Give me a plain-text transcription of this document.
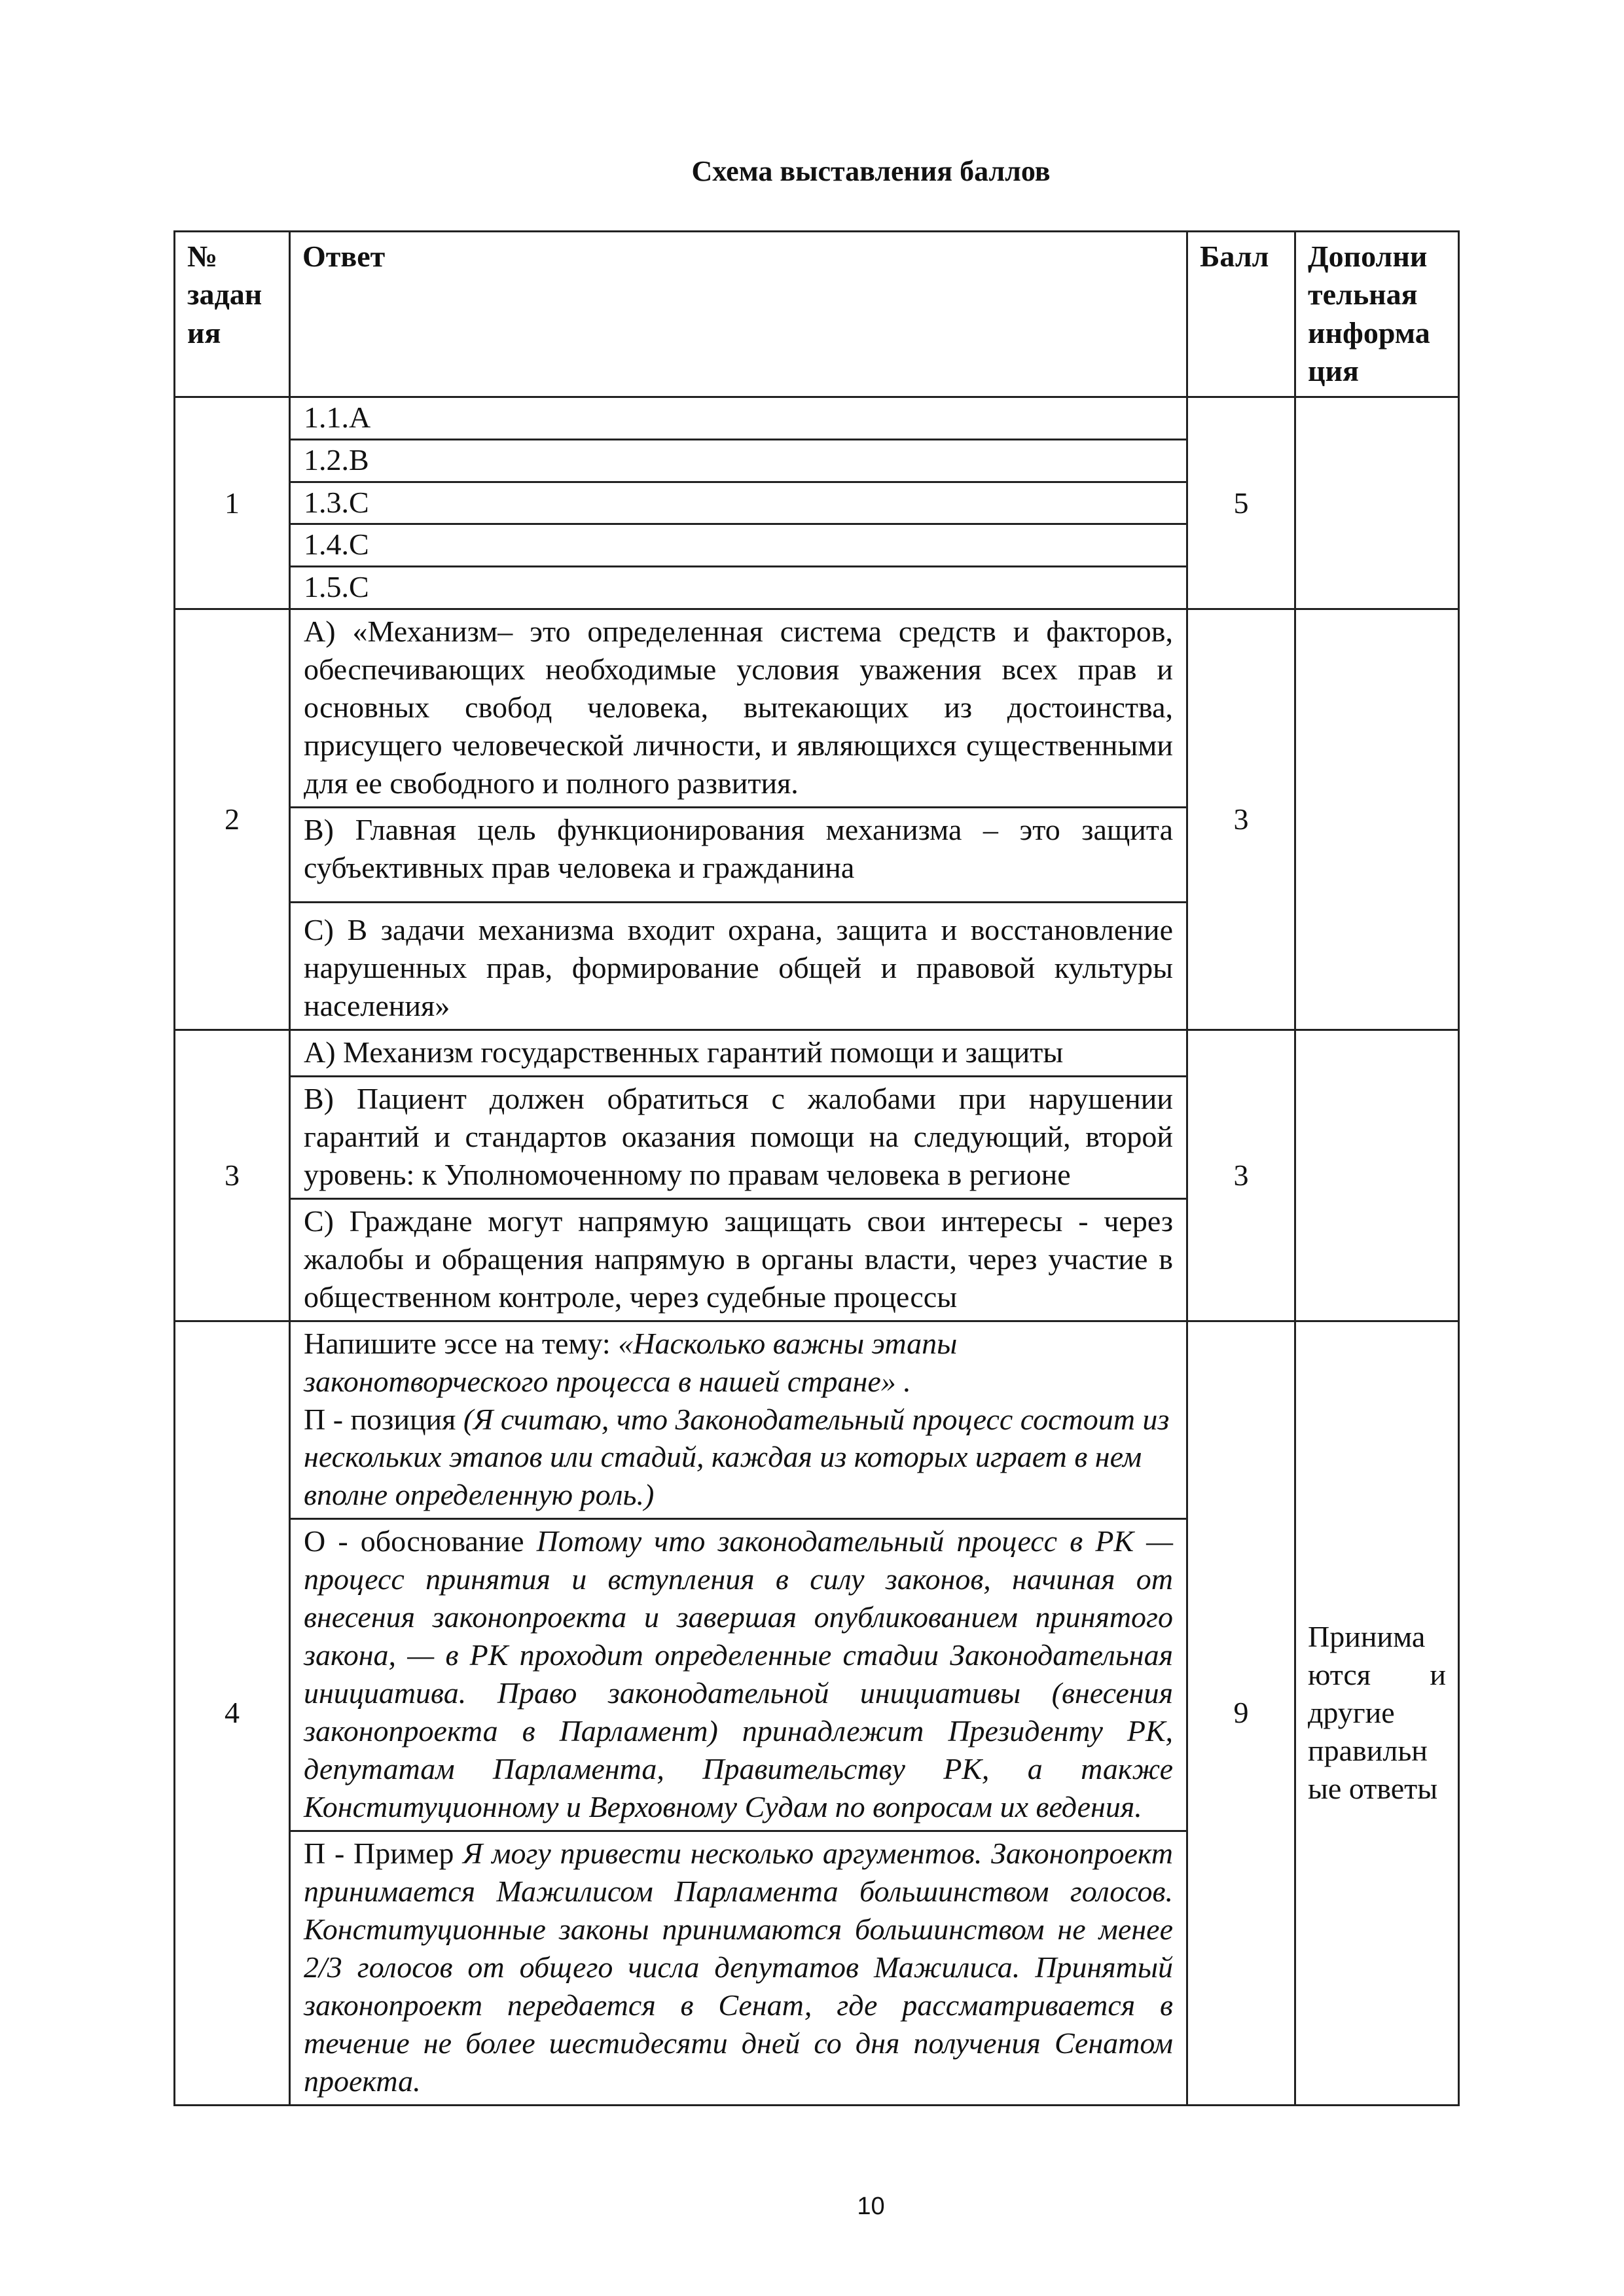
Схема выставления баллов
№ задан ия	Ответ	Балл	Дополни тельная информа ция
1	1.1.А
1.2.В
1.3.С
1.4.С
1.5.С	5	
2	А) «Механизм– это определенная система средств и факторов, обеспечивающих необходимые условия уважения всех прав и основных свобод человека, вытекающих из достоинства, присущего человеческой личности, и являющихся существенными для ее свободного и полного развития.
В) Главная цель функционирования механизма – это защита субъективных прав человека и гражданина
С) В задачи механизма входит охрана, защита и восстановление нарушенных прав, формирование общей и правовой культуры населения»	3	
3	А) Механизм государственных гарантий помощи и защиты
В) Пациент должен обратиться с жалобами при нарушении гарантий и стандартов оказания помощи на следующий, второй уровень: к Уполномоченному по правам человека в регионе
С) Граждане могут напрямую защищать свои интересы - через жалобы и обращения напрямую в органы власти, через участие в общественном контроле, через судебные процессы	3	
4	Напишите эссе на тему: «Насколько важны этапы законотворческого процесса в нашей стране» .
П - позиция (Я считаю, что Законодательный процесс состоит из нескольких этапов или стадий, каждая из которых играет в нем вполне определенную роль.)
О - обоснование Потому что законодательный процесс в РК — процесс принятия и вступления в силу законов, начиная от внесения законопроекта и завершая опубликованием принятого закона, — в РК проходит определенные стадии Законодательная инициатива. Право законодательной инициативы (внесения законопроекта в Парламент) принадлежит Президенту РК, депутатам Парламента, Правительству РК, а также Конституционному и Верховному Судам по вопросам их ведения.
П - Пример Я могу привести несколько аргументов. Законопроект принимается Мажилисом Парламента большинством голосов. Конституционные законы принимаются большинством не менее 2/3 голосов от общего числа депутатов Мажилиса. Принятый законопроект передается в Сенат, где рассматривается в течение не более шестидесяти дней со дня получения Сенатом проекта.	9	Принима ются и другие правильн ые ответы
10
